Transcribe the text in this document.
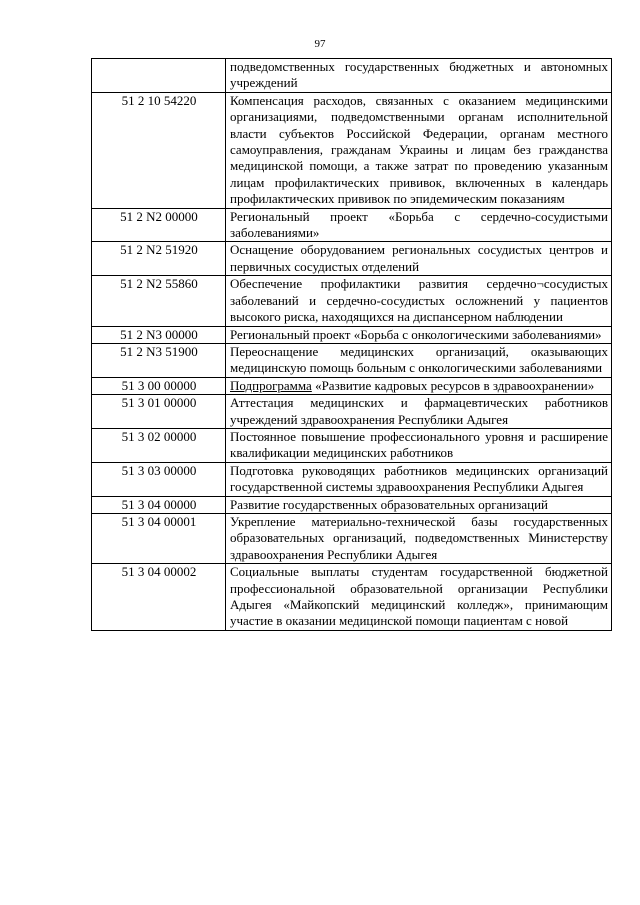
97
	подведомственных государственных бюджетных и автономных учреждений
51 2 10 54220	Компенсация расходов, связанных с оказанием медицинскими организациями, подведомственными органам исполнительной власти субъектов Российской Федерации, органам местного самоуправления, гражданам Украины и лицам без гражданства медицинской помощи, а также затрат по проведению указанным лицам профилактических прививок, включенных в календарь профилактических прививок по эпидемическим показаниям
51 2 N2 00000	Региональный проект «Борьба с сердечно-сосудистыми заболеваниями»
51 2 N2 51920	Оснащение оборудованием региональных сосудистых центров и первичных сосудистых отделений
51 2 N2 55860	Обеспечение профилактики развития сердечно¬сосудистых заболеваний и сердечно-сосудистых осложнений у пациентов высокого риска, находящихся на диспансерном наблюдении
51 2 N3 00000	Региональный проект «Борьба с онкологическими заболеваниями»
51 2 N3 51900	Переоснащение медицинских организаций, оказывающих медицинскую помощь больным с онкологическими заболеваниями
51 3 00 00000	Подпрограмма «Развитие кадровых ресурсов в здравоохранении»
51 3 01 00000	Аттестация медицинских и фармацевтических работников учреждений здравоохранения Республики Адыгея
51 3 02 00000	Постоянное повышение профессионального уровня и расширение квалификации медицинских работников
51 3 03 00000	Подготовка руководящих работников медицинских организаций государственной системы здравоохранения Республики Адыгея
51 3 04 00000	Развитие государственных образовательных организаций
51 3 04 00001	Укрепление материально-технической базы государственных образовательных организаций, подведомственных Министерству здравоохранения Республики Адыгея
51 3 04 00002	Социальные выплаты студентам государственной бюджетной профессиональной образовательной организации Республики Адыгея «Майкопский медицинский колледж», принимающим участие в оказании медицинской помощи пациентам с новой
